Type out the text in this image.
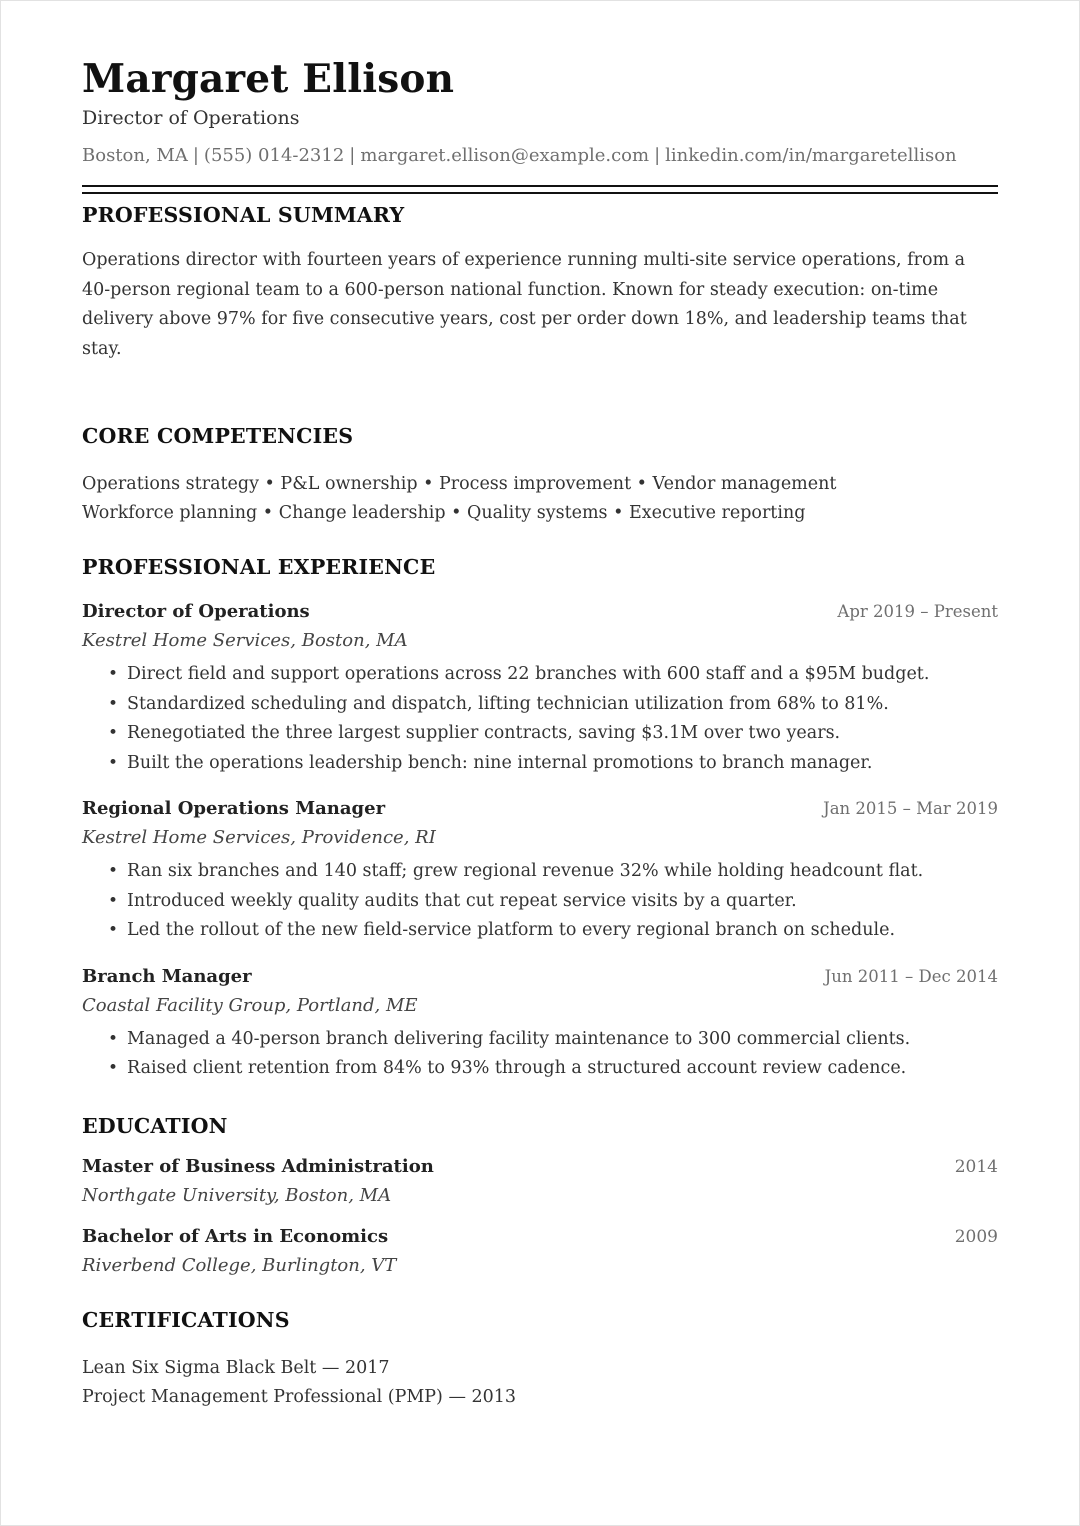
Margaret Ellison
Director of Operations
Boston, MA | (555) 014-2312 | margaret.ellison@example.com | linkedin.com/in/margaretellison
PROFESSIONAL SUMMARY
Operations director with fourteen years of experience running multi-site service operations, from a 40-person regional team to a 600-person national function. Known for steady execution: on-time delivery above 97% for five consecutive years, cost per order down 18%, and leadership teams that stay.
CORE COMPETENCIES
Operations strategy • P&L ownership • Process improvement • Vendor management
Workforce planning • Change leadership • Quality systems • Executive reporting
PROFESSIONAL EXPERIENCE
Director of Operations	Apr 2019 – Present
Kestrel Home Services, Boston, MA
• Direct field and support operations across 22 branches with 600 staff and a $95M budget.
• Standardized scheduling and dispatch, lifting technician utilization from 68% to 81%.
• Renegotiated the three largest supplier contracts, saving $3.1M over two years.
• Built the operations leadership bench: nine internal promotions to branch manager.
Regional Operations Manager	Jan 2015 – Mar 2019
Kestrel Home Services, Providence, RI
• Ran six branches and 140 staff; grew regional revenue 32% while holding headcount flat.
• Introduced weekly quality audits that cut repeat service visits by a quarter.
• Led the rollout of the new field-service platform to every regional branch on schedule.
Branch Manager	Jun 2011 – Dec 2014
Coastal Facility Group, Portland, ME
• Managed a 40-person branch delivering facility maintenance to 300 commercial clients.
• Raised client retention from 84% to 93% through a structured account review cadence.
EDUCATION
Master of Business Administration	2014
Northgate University, Boston, MA
Bachelor of Arts in Economics	2009
Riverbend College, Burlington, VT
CERTIFICATIONS
Lean Six Sigma Black Belt — 2017
Project Management Professional (PMP) — 2013
